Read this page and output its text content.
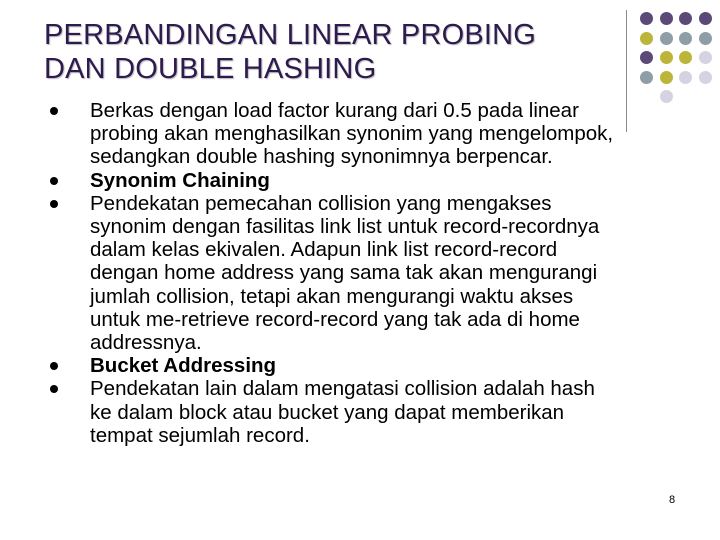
PERBANDINGAN LINEAR PROBING
DAN DOUBLE HASHING
Berkas dengan load factor kurang dari 0.5 pada linear
probing akan menghasilkan synonim yang mengelompok,
sedangkan double hashing synonimnya berpencar.
Synonim Chaining
Pendekatan pemecahan collision yang mengakses
synonim dengan fasilitas link list untuk record-recordnya
dalam kelas ekivalen. Adapun link list record-record
dengan home address yang sama tak akan mengurangi
jumlah collision, tetapi akan mengurangi waktu akses
untuk me-retrieve record-record yang tak ada di home
addressnya.
Bucket Addressing
Pendekatan lain dalam mengatasi collision adalah hash
ke dalam block atau bucket yang dapat memberikan
tempat sejumlah record.
8
